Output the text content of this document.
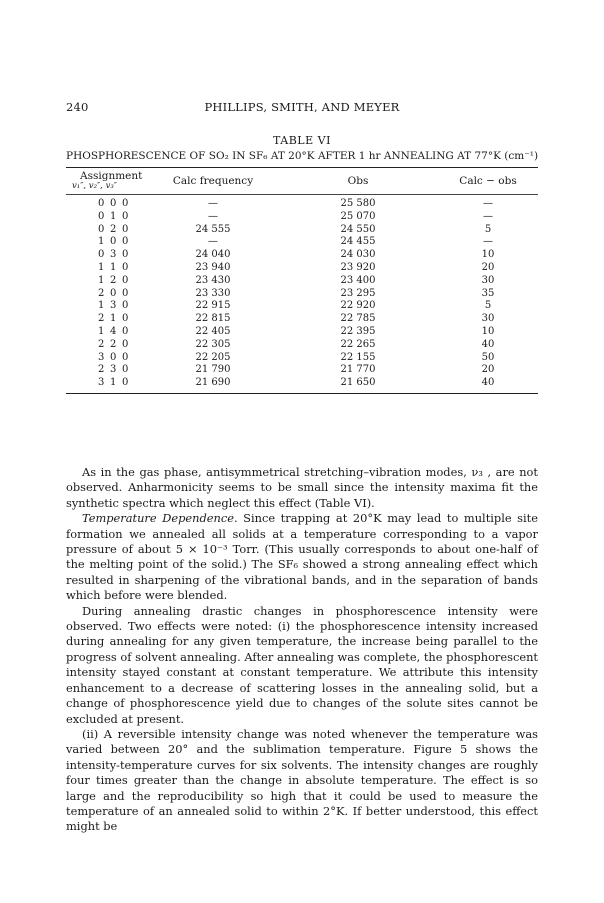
240	PHILLIPS, SMITH, AND MEYER
TABLE VI
PHOSPHORESCENCE OF SO₂ IN SF₆ AT 20°K AFTER 1 hr ANNEALING AT 77°K (cm⁻¹)
Assignment
v₁″, v₂″, v₃″	Calc frequency	Obs	Calc − obs
0 0 0	—	25 580	—
0 1 0	—	25 070	—
0 2 0	24 555	24 550	5
1 0 0	—	24 455	—
0 3 0	24 040	24 030	10
1 1 0	23 940	23 920	20
1 2 0	23 430	23 400	30
2 0 0	23 330	23 295	35
1 3 0	22 915	22 920	5
2 1 0	22 815	22 785	30
1 4 0	22 405	22 395	10
2 2 0	22 305	22 265	40
3 0 0	22 205	22 155	50
2 3 0	21 790	21 770	20
3 1 0	21 690	21 650	40

As in the gas phase, antisymmetrical stretching–vibration modes, ν₃ , are not observed. Anharmonicity seems to be small since the intensity maxima fit the synthetic spectra which neglect this effect (Table VI).

Temperature Dependence. Since trapping at 20°K may lead to multiple site formation we annealed all solids at a temperature corresponding to a vapor pressure of about 5 × 10⁻³ Torr. (This usually corresponds to about one-half of the melting point of the solid.) The SF₆ showed a strong annealing effect which resulted in sharpening of the vibrational bands, and in the separation of bands which before were blended.

During annealing drastic changes in phosphorescence intensity were observed. Two effects were noted: (i) the phosphorescence intensity increased during annealing for any given temperature, the increase being parallel to the progress of solvent annealing. After annealing was complete, the phosphorescent intensity stayed constant at constant temperature. We attribute this intensity enhancement to a decrease of scattering losses in the annealing solid, but a change of phosphorescence yield due to changes of the solute sites cannot be excluded at present.

(ii) A reversible intensity change was noted whenever the temperature was varied between 20° and the sublimation temperature. Figure 5 shows the intensity-temperature curves for six solvents. The intensity changes are roughly four times greater than the change in absolute temperature. The effect is so large and the reproducibility so high that it could be used to measure the temperature of an annealed solid to within 2°K. If better understood, this effect might be
